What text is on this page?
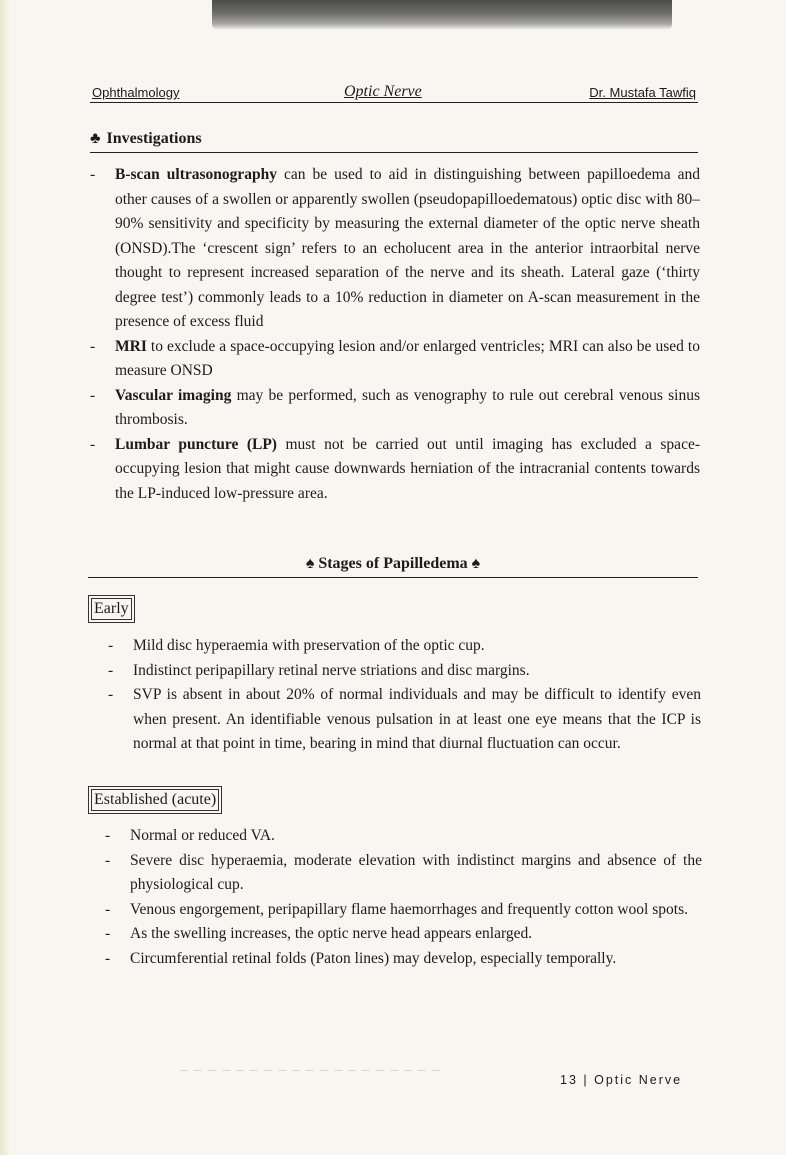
Ophthalmology	Optic Nerve	Dr. Mustafa Tawfiq
♣ Investigations
- B-scan ultrasonography can be used to aid in distinguishing between papilloedema and other causes of a swollen or apparently swollen (pseudopapilloedematous) optic disc with 80–90% sensitivity and specificity by measuring the external diameter of the optic nerve sheath (ONSD).The ‘crescent sign’ refers to an echolucent area in the anterior intraorbital nerve thought to represent increased separation of the nerve and its sheath. Lateral gaze (‘thirty degree test’) commonly leads to a 10% reduction in diameter on A-scan measurement in the presence of excess fluid
- MRI to exclude a space-occupying lesion and/or enlarged ventricles; MRI can also be used to measure ONSD
- Vascular imaging may be performed, such as venography to rule out cerebral venous sinus thrombosis.
- Lumbar puncture (LP) must not be carried out until imaging has excluded a space-occupying lesion that might cause downwards herniation of the intracranial contents towards the LP-induced low-pressure area.
♠ Stages of Papilledema ♠
Early
- Mild disc hyperaemia with preservation of the optic cup.
- Indistinct peripapillary retinal nerve striations and disc margins.
- SVP is absent in about 20% of normal individuals and may be difficult to identify even when present. An identifiable venous pulsation in at least one eye means that the ICP is normal at that point in time, bearing in mind that diurnal fluctuation can occur.
Established (acute)
- Normal or reduced VA.
- Severe disc hyperaemia, moderate elevation with indistinct margins and absence of the physiological cup.
- Venous engorgement, peripapillary flame haemorrhages and frequently cotton wool spots.
- As the swelling increases, the optic nerve head appears enlarged.
- Circumferential retinal folds (Paton lines) may develop, especially temporally.
13 | Optic Nerve
